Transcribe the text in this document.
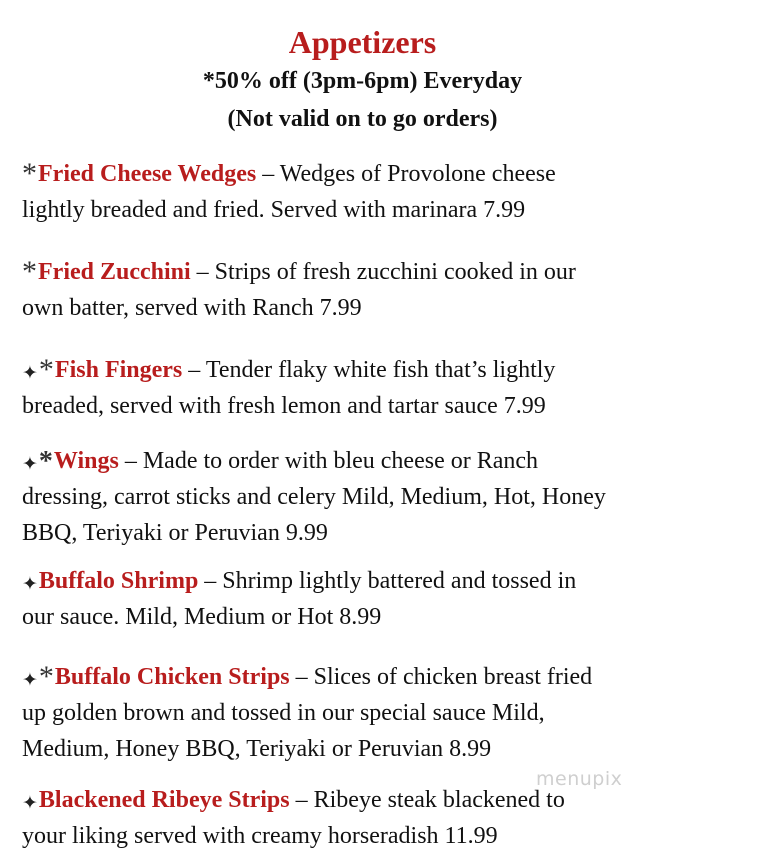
Appetizers
*50% off (3pm-6pm) Everyday
(Not valid on to go orders)
*Fried Cheese Wedges – Wedges of Provolone cheese
lightly breaded and fried. Served with marinara 7.99
*Fried Zucchini – Strips of fresh zucchini cooked in our
own batter, served with Ranch 7.99
✦*Fish Fingers – Tender flaky white fish that’s lightly
breaded, served with fresh lemon and tartar sauce 7.99
✦*Wings – Made to order with bleu cheese or Ranch
dressing, carrot sticks and celery Mild, Medium, Hot, Honey
BBQ, Teriyaki or Peruvian 9.99
✦Buffalo Shrimp – Shrimp lightly battered and tossed in
our sauce. Mild, Medium or Hot 8.99
✦*Buffalo Chicken Strips – Slices of chicken breast fried
up golden brown and tossed in our special sauce Mild,
Medium, Honey BBQ, Teriyaki or Peruvian 8.99
✦Blackened Ribeye Strips – Ribeye steak blackened to
your liking served with creamy horseradish 11.99
menupix
